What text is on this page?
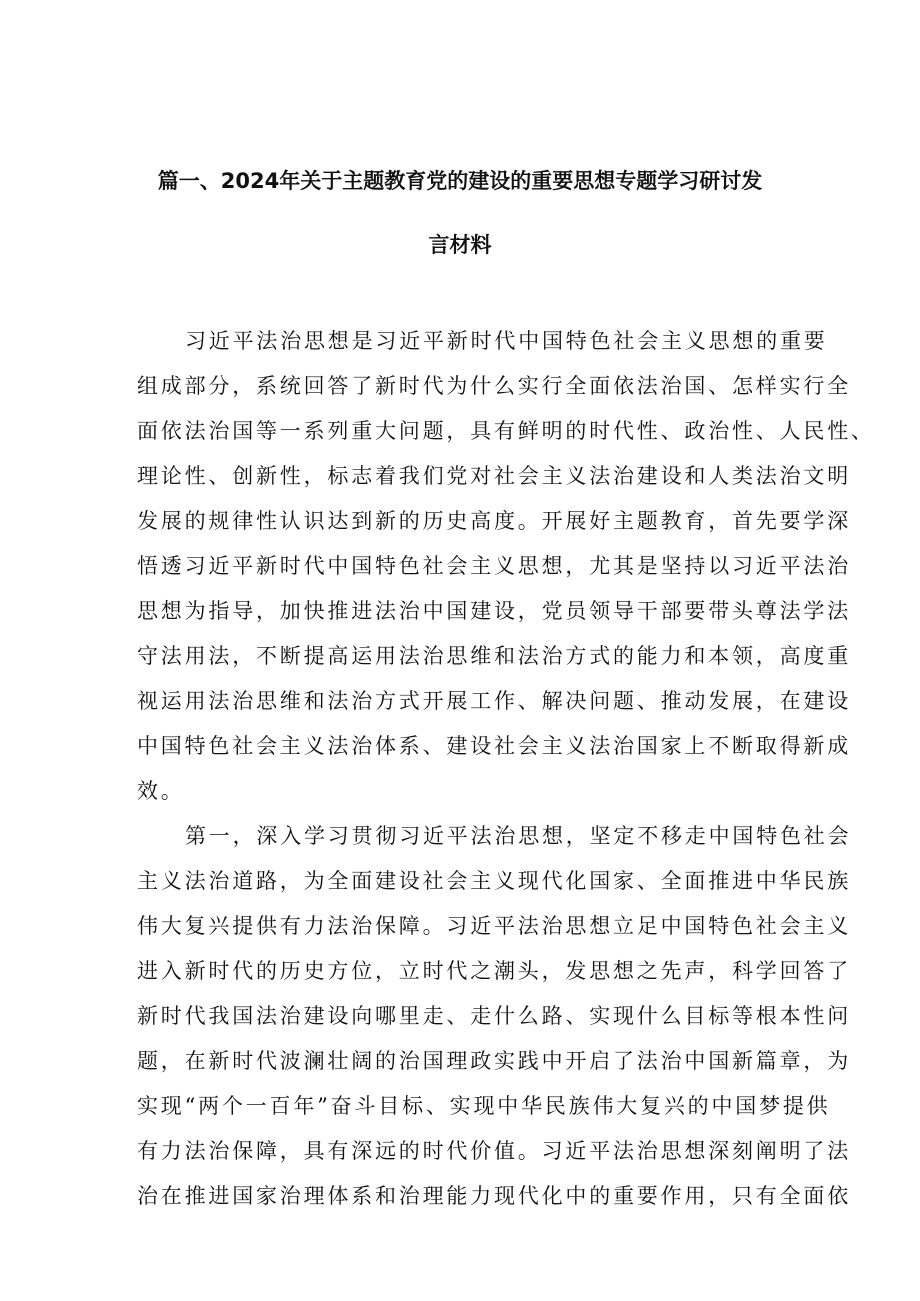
篇一、2024年关于主题教育党的建设的重要思想专题学习研讨发
言材料
习近平法治思想是习近平新时代中国特色社会主义思想的重要
组成部分，系统回答了新时代为什么实行全面依法治国、怎样实行全
面依法治国等一系列重大问题，具有鲜明的时代性、政治性、人民性、
理论性、创新性，标志着我们党对社会主义法治建设和人类法治文明
发展的规律性认识达到新的历史高度。开展好主题教育，首先要学深
悟透习近平新时代中国特色社会主义思想，尤其是坚持以习近平法治
思想为指导，加快推进法治中国建设，党员领导干部要带头尊法学法
守法用法，不断提高运用法治思维和法治方式的能力和本领，高度重
视运用法治思维和法治方式开展工作、解决问题、推动发展，在建设
中国特色社会主义法治体系、建设社会主义法治国家上不断取得新成
效。
第一，深入学习贯彻习近平法治思想，坚定不移走中国特色社会
主义法治道路，为全面建设社会主义现代化国家、全面推进中华民族
伟大复兴提供有力法治保障。习近平法治思想立足中国特色社会主义
进入新时代的历史方位，立时代之潮头，发思想之先声，科学回答了
新时代我国法治建设向哪里走、走什么路、实现什么目标等根本性问
题，在新时代波澜壮阔的治国理政实践中开启了法治中国新篇章，为
实现“两个一百年”奋斗目标、实现中华民族伟大复兴的中国梦提供
有力法治保障，具有深远的时代价值。习近平法治思想深刻阐明了法
治在推进国家治理体系和治理能力现代化中的重要作用，只有全面依
